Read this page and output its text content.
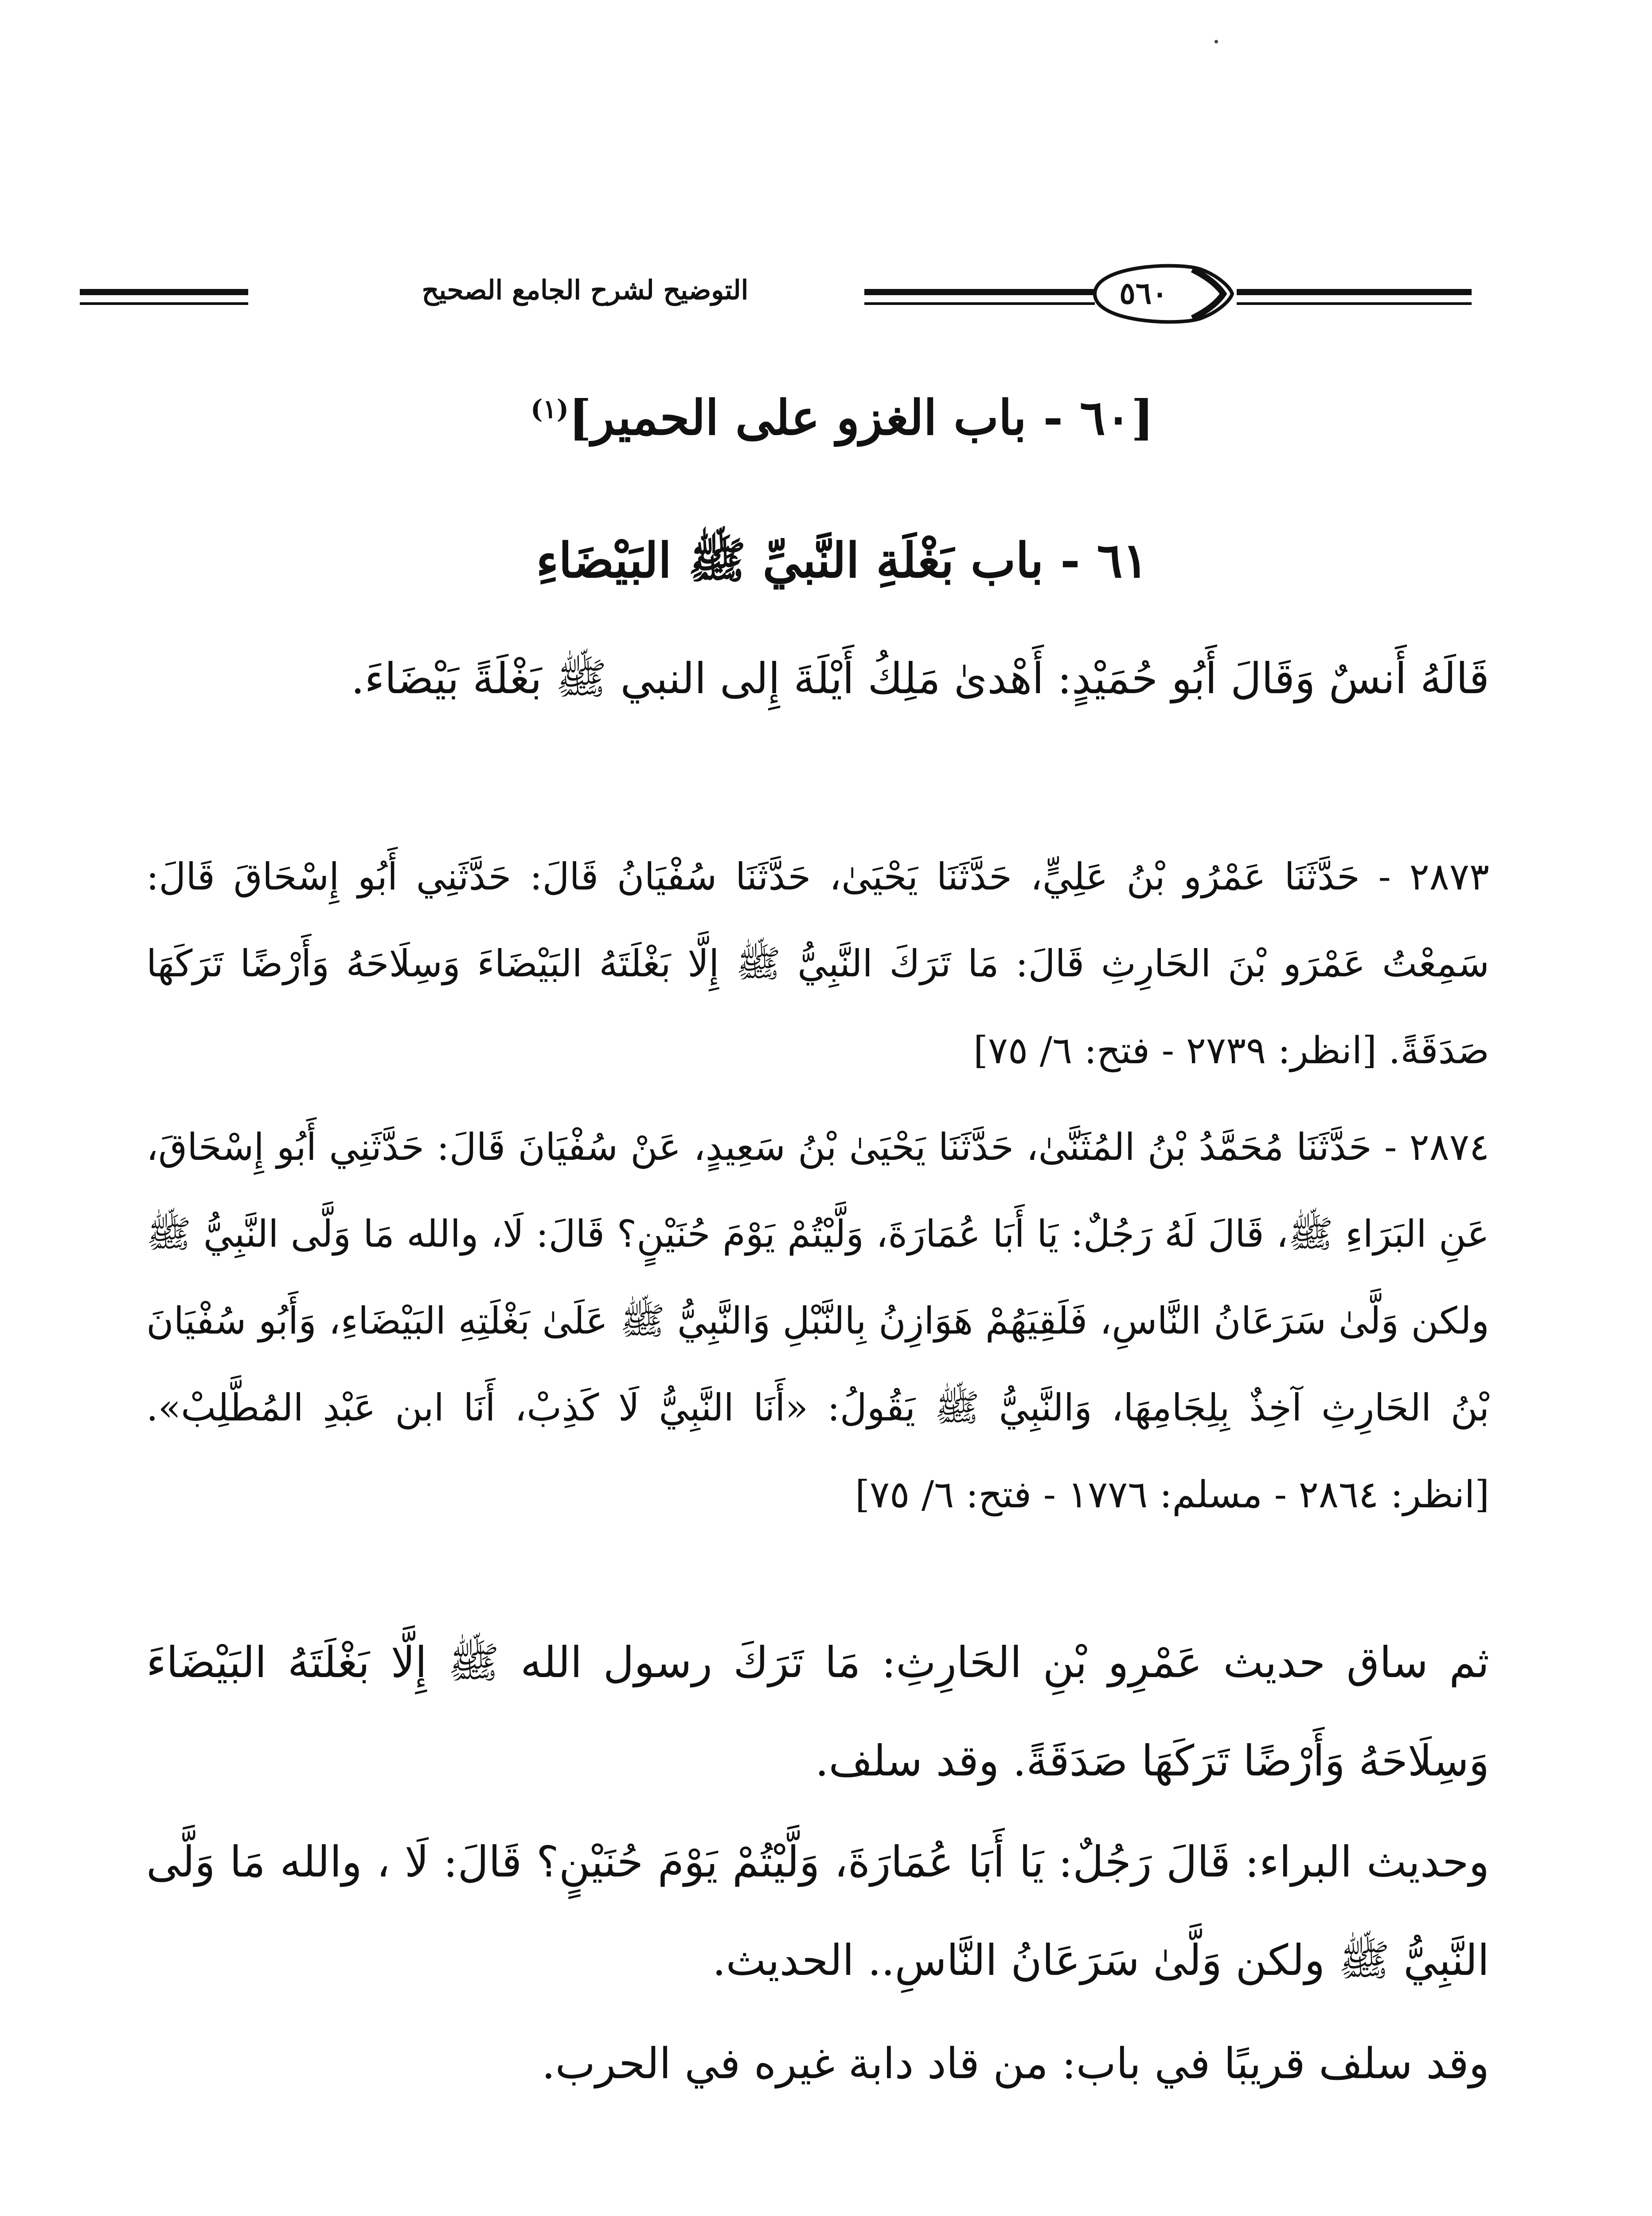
التوضيح لشرح الجامع الصحيح	٥٦٠
[٦٠ - باب الغزو على الحمير]$^{(١)}$
٦١ - باب بَغْلَةِ النَّبيِّ ﷺ البَيْضَاءِ
قَالَهُ أَنسٌ وَقَالَ أَبُو حُمَيْدٍ: أَهْدىٰ مَلِكُ أَيْلَةَ إِلى النبي ﷺ بَغْلَةً بَيْضَاءَ.
٢٨٧٣ - حَدَّثَنَا عَمْرُو بْنُ عَلِيٍّ، حَدَّثَنَا يَحْيَىٰ، حَدَّثَنَا سُفْيَانُ قَالَ: حَدَّثَنِي أَبُو إِسْحَاقَ قَالَ: سَمِعْتُ عَمْرَو بْنَ الحَارِثِ قَالَ: مَا تَرَكَ النَّبِيُّ ﷺ إِلَّا بَغْلَتَهُ البَيْضَاءَ وَسِلَاحَهُ وَأَرْضًا تَرَكَهَا صَدَقَةً. [انظر: ٢٧٣٩ - فتح: ٦/ ٧٥]
٢٨٧٤ - حَدَّثَنَا مُحَمَّدُ بْنُ المُثَنَّىٰ، حَدَّثَنَا يَحْيَىٰ بْنُ سَعِيدٍ، عَنْ سُفْيَانَ قَالَ: حَدَّثَنِي أَبُو إِسْحَاقَ، عَنِ البَرَاءِ ﷺ، قَالَ لَهُ رَجُلٌ: يَا أَبَا عُمَارَةَ، وَلَّيْتُمْ يَوْمَ حُنَيْنٍ؟ قَالَ: لَا، والله مَا وَلَّى النَّبِيُّ ﷺ ولكن وَلَّىٰ سَرَعَانُ النَّاسِ، فَلَقِيَهُمْ هَوَازِنُ بِالنَّبْلِ وَالنَّبِيُّ ﷺ عَلَىٰ بَغْلَتِهِ البَيْضَاءِ، وَأَبُو سُفْيَانَ بْنُ الحَارِثِ آخِذٌ بِلِجَامِهَا، وَالنَّبِيُّ ﷺ يَقُولُ: «أَنَا النَّبِيُّ لَا كَذِبْ، أَنَا ابن عَبْدِ المُطَّلِبْ». [انظر: ٢٨٦٤ - مسلم: ١٧٧٦ - فتح: ٦/ ٧٥]
ثم ساق حديث عَمْرِو بْنِ الحَارِثِ: مَا تَرَكَ رسول الله ﷺ إِلَّا بَغْلَتَهُ البَيْضَاءَ وَسِلَاحَهُ وَأَرْضًا تَرَكَهَا صَدَقَةً. وقد سلف.
وحديث البراء: قَالَ رَجُلٌ: يَا أَبَا عُمَارَةَ، وَلَّيْتُمْ يَوْمَ حُنَيْنٍ؟ قَالَ: لَا ، والله مَا وَلَّى النَّبِيُّ ﷺ ولكن وَلَّىٰ سَرَعَانُ النَّاسِ.. الحديث.
وقد سلف قريبًا في باب: من قاد دابة غيره في الحرب.
